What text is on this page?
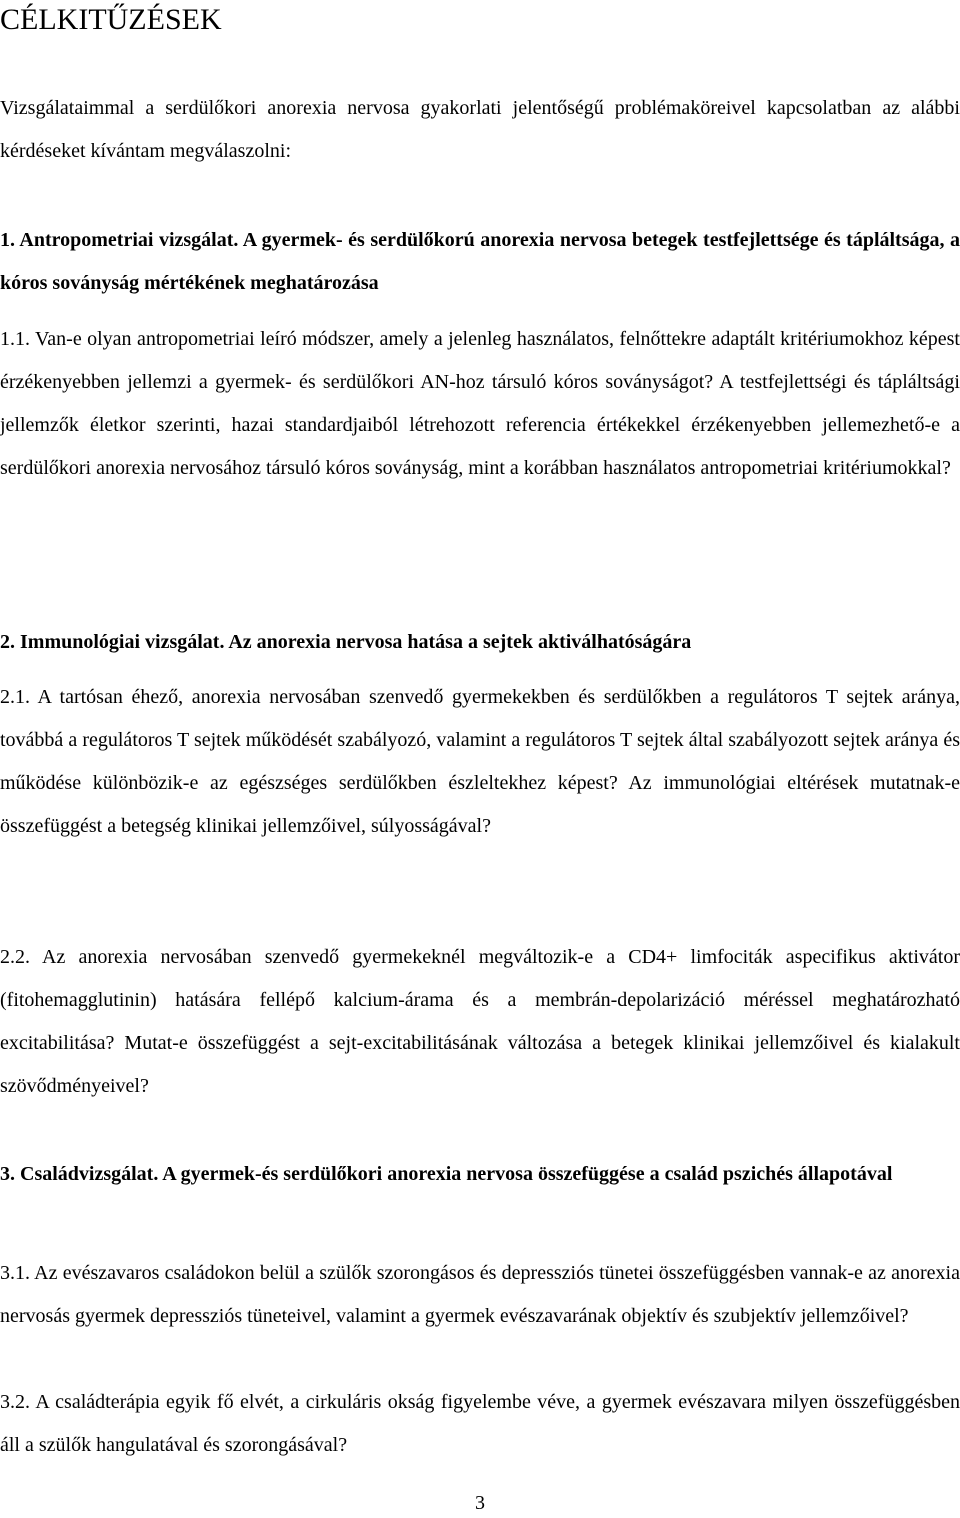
CÉLKITŰZÉSEK

Vizsgálataimmal a serdülőkori anorexia nervosa gyakorlati jelentőségű problémaköreivel kapcsolatban az alábbi kérdéseket kívántam megválaszolni:

1. Antropometriai vizsgálat. A gyermek- és serdülőkorú anorexia nervosa betegek testfejlettsége és tápláltsága, a kóros soványság mértékének meghatározása

1.1. Van-e olyan antropometriai leíró módszer, amely a jelenleg használatos, felnőttekre adaptált kritériumokhoz képest érzékenyebben jellemzi a gyermek- és serdülőkori AN-hoz társuló kóros soványságot? A testfejlettségi és tápláltsági jellemzők életkor szerinti, hazai standardjaiból létrehozott referencia értékekkel érzékenyebben jellemezhető-e a serdülőkori anorexia nervosához társuló kóros soványság, mint a korábban használatos antropometriai kritériumokkal?

2. Immunológiai vizsgálat. Az anorexia nervosa hatása a sejtek aktiválhatóságára

2.1. A tartósan éhező, anorexia nervosában szenvedő gyermekekben és serdülőkben a regulátoros T sejtek aránya, továbbá a regulátoros T sejtek működését szabályozó, valamint a regulátoros T sejtek által szabályozott sejtek aránya és működése különbözik-e az egészséges serdülőkben észleltekhez képest? Az immunológiai eltérések mutatnak-e összefüggést a betegség klinikai jellemzőivel, súlyosságával?

2.2. Az anorexia nervosában szenvedő gyermekeknél megváltozik-e a CD4+ limfociták aspecifikus aktivátor (fitohemagglutinin) hatására fellépő kalcium-árama és a membrán-depolarizáció méréssel meghatározható excitabilitása? Mutat-e összefüggést a sejt-excitabilitásának változása a betegek klinikai jellemzőivel és kialakult szövődményeivel?

3. Családvizsgálat. A gyermek-és serdülőkori anorexia nervosa összefüggése a család pszichés állapotával

3.1. Az evészavaros családokon belül a szülők szorongásos és depressziós tünetei összefüggésben vannak-e az anorexia nervosás gyermek depressziós tüneteivel, valamint a gyermek evészavarának objektív és szubjektív jellemzőivel?

3.2. A családterápia egyik fő elvét, a cirkuláris okság figyelembe véve, a gyermek evészavara milyen összefüggésben áll a szülők hangulatával és szorongásával?

3
